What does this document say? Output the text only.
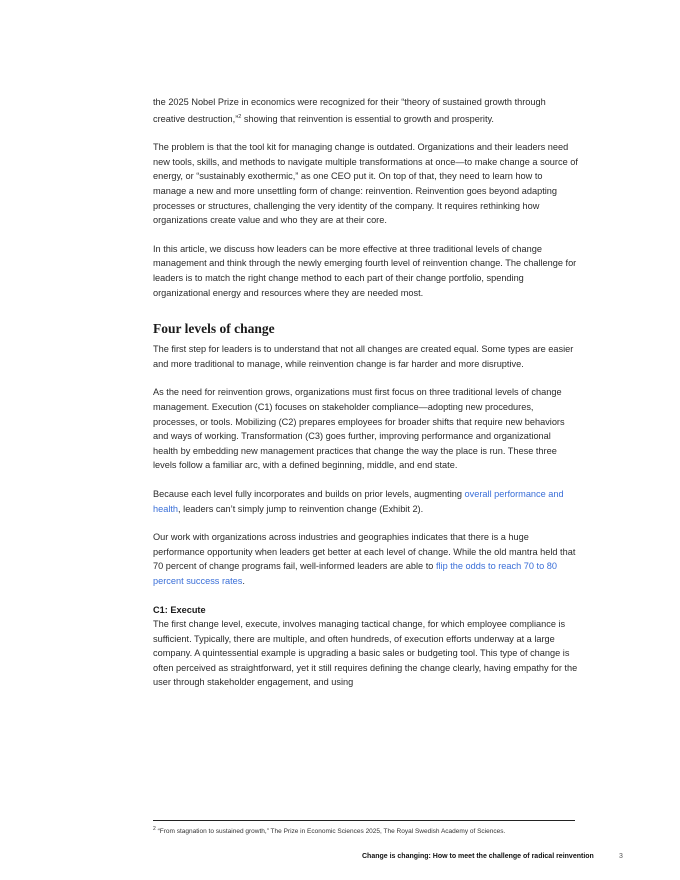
the 2025 Nobel Prize in economics were recognized for their “theory of sustained growth through creative destruction,”$^2$ showing that reinvention is essential to growth and prosperity.

The problem is that the tool kit for managing change is outdated. Organizations and their leaders need new tools, skills, and methods to navigate multiple transformations at once—to make change a source of energy, or “sustainably exothermic,” as one CEO put it. On top of that, they need to learn how to manage a new and more unsettling form of change: reinvention. Reinvention goes beyond adapting processes or structures, challenging the very identity of the company. It requires rethinking how organizations create value and who they are at their core.

In this article, we discuss how leaders can be more effective at three traditional levels of change management and think through the newly emerging fourth level of reinvention change. The challenge for leaders is to match the right change method to each part of their change portfolio, spending organizational energy and resources where they are needed most.

Four levels of change

The first step for leaders is to understand that not all changes are created equal. Some types are easier and more traditional to manage, while reinvention change is far harder and more disruptive.

As the need for reinvention grows, organizations must first focus on three traditional levels of change management. Execution (C1) focuses on stakeholder compliance—adopting new procedures, processes, or tools. Mobilizing (C2) prepares employees for broader shifts that require new behaviors and ways of working. Transformation (C3) goes further, improving performance and organizational health by embedding new management practices that change the way the place is run. These three levels follow a familiar arc, with a defined beginning, middle, and end state.

Because each level fully incorporates and builds on prior levels, augmenting overall performance and health, leaders can’t simply jump to reinvention change (Exhibit 2).

Our work with organizations across industries and geographies indicates that there is a huge performance opportunity when leaders get better at each level of change. While the old mantra held that 70 percent of change programs fail, well-informed leaders are able to flip the odds to reach 70 to 80 percent success rates.

C1: Execute

The first change level, execute, involves managing tactical change, for which employee compliance is sufficient. Typically, there are multiple, and often hundreds, of execution efforts underway at a large company. A quintessential example is upgrading a basic sales or budgeting tool. This type of change is often perceived as straightforward, yet it still requires defining the change clearly, having empathy for the user through stakeholder engagement, and using

$^2$ “From stagnation to sustained growth,” The Prize in Economic Sciences 2025, The Royal Swedish Academy of Sciences.
Change is changing: How to meet the challenge of radical reinvention	3
